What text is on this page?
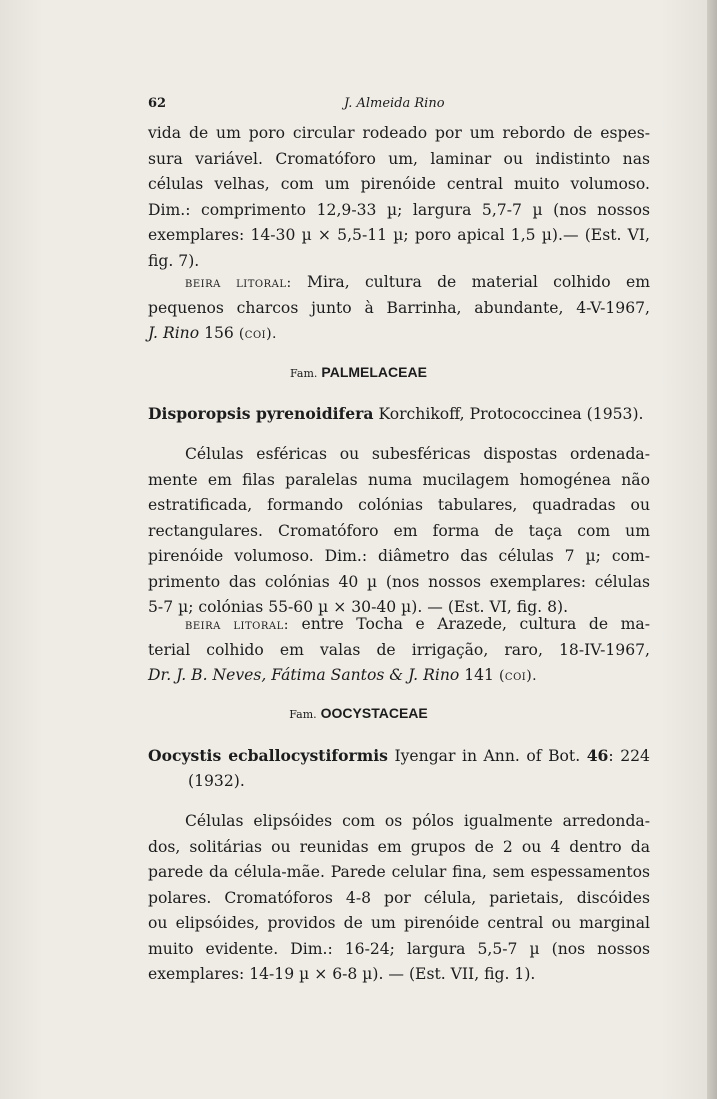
62	J. Almeida Rino
vida de um poro circular rodeado por um rebordo de espes-
sura variável. Cromatóforo um, laminar ou indistinto nas
células velhas, com um pirenóide central muito volumoso.
Dim.: comprimento 12,9-33 µ; largura 5,7-7 µ (nos nossos
exemplares: 14-30 µ × 5,5-11 µ; poro apical 1,5 µ).— (Est. VI,
fig. 7).
beira litoral: Mira, cultura de material colhido em
pequenos charcos junto à Barrinha, abundante, 4-V-1967,
J. Rino 156 (coi).
Fam. PALMELACEAE
Disporopsis pyrenoidifera Korchikoff, Protococcinea (1953).
Células esféricas ou subesféricas dispostas ordenada-
mente em filas paralelas numa mucilagem homogénea não
estratificada, formando colónias tabulares, quadradas ou
rectangulares. Cromatóforo em forma de taça com um
pirenóide volumoso. Dim.: diâmetro das células 7 µ; com-
primento das colónias 40 µ (nos nossos exemplares: células
5-7 µ; colónias 55-60 µ × 30-40 µ). — (Est. VI, fig. 8).
beira litoral: entre Tocha e Arazede, cultura de ma-
terial colhido em valas de irrigação, raro, 18-IV-1967,
Dr. J. B. Neves, Fátima Santos & J. Rino 141 (coi).
Fam. OOCYSTACEAE
Oocystis ecballocystiformis Iyengar in Ann. of Bot. 46: 224
(1932).
Células elipsóides com os pólos igualmente arredonda-
dos, solitárias ou reunidas em grupos de 2 ou 4 dentro da
parede da célula-mãe. Parede celular fina, sem espessamentos
polares. Cromatóforos 4-8 por célula, parietais, discóides
ou elipsóides, providos de um pirenóide central ou marginal
muito evidente. Dim.: 16-24; largura 5,5-7 µ (nos nossos
exemplares: 14-19 µ × 6-8 µ). — (Est. VII, fig. 1).
